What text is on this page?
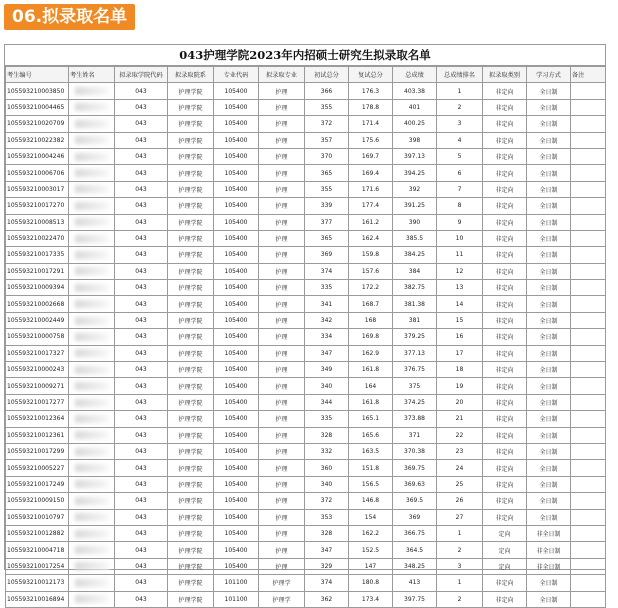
06.拟录取名单
043护理学院2023年内招硕士研究生拟录取名单
考生编号	考生姓名	拟录取学院代码	拟录取院系	专业代码	拟录取专业	初试总分	复试总分	总成绩	总成绩排名	拟录取类别	学习方式	备注
105593210003850		043	护理学院	105400	护理	366	176.3	403.38	1	非定向	全日制	
105593210004465		043	护理学院	105400	护理	355	178.8	401	2	非定向	全日制	
105593210020709		043	护理学院	105400	护理	372	171.4	400.25	3	非定向	全日制	
105593210022382		043	护理学院	105400	护理	357	175.6	398	4	非定向	全日制	
105593210004246		043	护理学院	105400	护理	370	169.7	397.13	5	非定向	全日制	
105593210006706		043	护理学院	105400	护理	365	169.4	394.25	6	非定向	全日制	
105593210003017		043	护理学院	105400	护理	355	171.6	392	7	非定向	全日制	
105593210017270		043	护理学院	105400	护理	339	177.4	391.25	8	非定向	全日制	
105593210008513		043	护理学院	105400	护理	377	161.2	390	9	非定向	全日制	
105593210022470		043	护理学院	105400	护理	365	162.4	385.5	10	非定向	全日制	
105593210017335		043	护理学院	105400	护理	369	159.8	384.25	11	非定向	全日制	
105593210017291		043	护理学院	105400	护理	374	157.6	384	12	非定向	全日制	
105593210009394		043	护理学院	105400	护理	335	172.2	382.75	13	非定向	全日制	
105593210002668		043	护理学院	105400	护理	341	168.7	381.38	14	非定向	全日制	
105593210002449		043	护理学院	105400	护理	342	168	381	15	非定向	全日制	
105593210000758		043	护理学院	105400	护理	334	169.8	379.25	16	非定向	全日制	
105593210017327		043	护理学院	105400	护理	347	162.9	377.13	17	非定向	全日制	
105593210000243		043	护理学院	105400	护理	349	161.8	376.75	18	非定向	全日制	
105593210009271		043	护理学院	105400	护理	340	164	375	19	非定向	全日制	
105593210017277		043	护理学院	105400	护理	344	161.8	374.25	20	非定向	全日制	
105593210012364		043	护理学院	105400	护理	335	165.1	373.88	21	非定向	全日制	
105593210012361		043	护理学院	105400	护理	328	165.6	371	22	非定向	全日制	
105593210017299		043	护理学院	105400	护理	332	163.5	370.38	23	非定向	全日制	
105593210005227		043	护理学院	105400	护理	360	151.8	369.75	24	非定向	全日制	
105593210017249		043	护理学院	105400	护理	340	156.5	369.63	25	非定向	全日制	
105593210009150		043	护理学院	105400	护理	372	146.8	369.5	26	非定向	全日制	
105593210010797		043	护理学院	105400	护理	353	154	369	27	非定向	全日制	
105593210012882		043	护理学院	105400	护理	328	162.2	366.75	1	定向	非全日制	
105593210004718		043	护理学院	105400	护理	347	152.5	364.5	2	定向	非全日制	
105593210017254		043	护理学院	105400	护理	329	147	348.25	3	定向	非全日制	
105593210012173		043	护理学院	101100	护理学	374	180.8	413	1	非定向	全日制	
105593210016894		043	护理学院	101100	护理学	362	173.4	397.75	2	非定向	全日制	
